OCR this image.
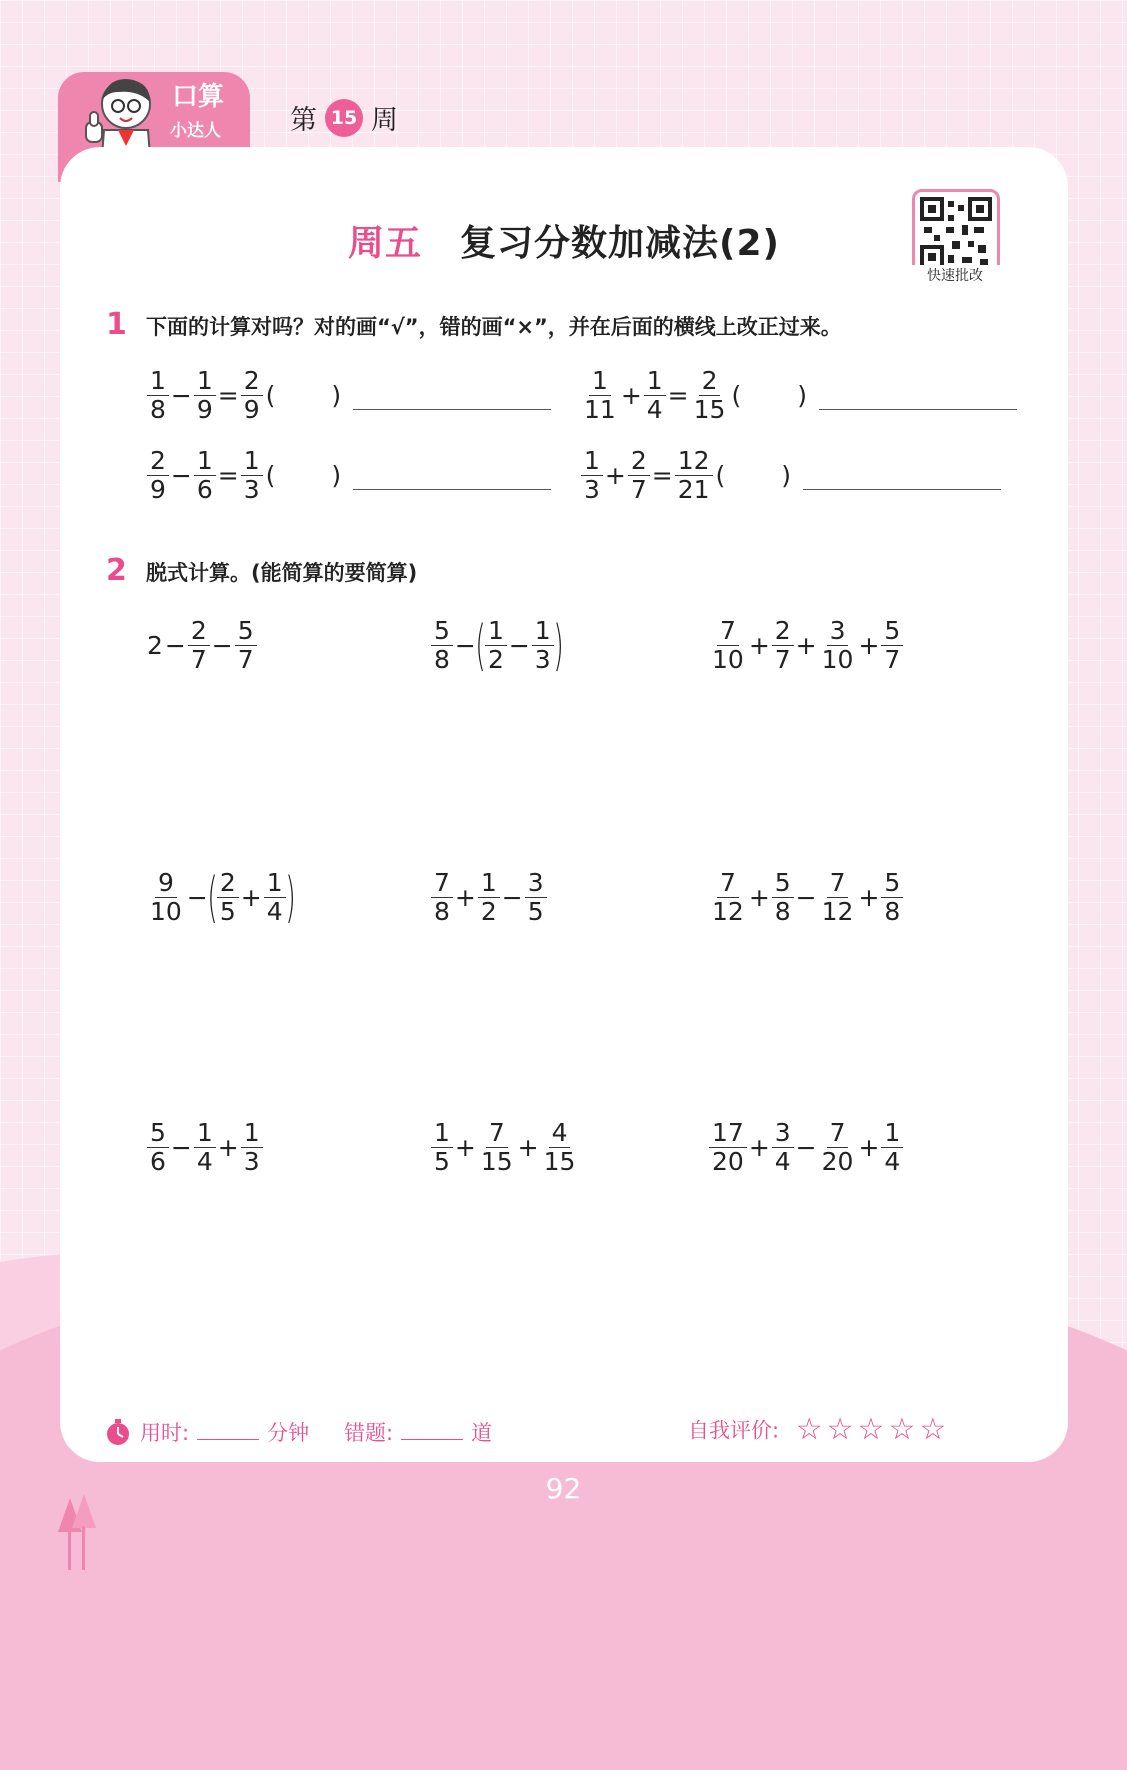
口算
小达人	第 15 周
周五 复习分数加减法(2)
快速批改
1 下面的计算对吗？对的画“√”，错的画“×”，并在后面的横线上改正过来。
$\frac{1}{8} - \frac{1}{9} = \frac{2}{9}$ ( )	$\frac{1}{11} + \frac{1}{4} = \frac{2}{15}$ ( )
$\frac{2}{9} - \frac{1}{6} = \frac{1}{3}$ ( )	$\frac{1}{3} + \frac{2}{7} = \frac{12}{21}$ ( )
2 脱式计算。(能简算的要简算)
$2 - \frac{2}{7} - \frac{5}{7}$	$\frac{5}{8}$ − ( $\frac{1}{2} - \frac{1}{3}$ )	$\frac{7}{10} + \frac{2}{7} + \frac{3}{10} + \frac{5}{7}$
$\frac{9}{10}$ − ( $\frac{2}{5} + \frac{1}{4}$ )	$\frac{7}{8} + \frac{1}{2} - \frac{3}{5}$	$\frac{7}{12} + \frac{5}{8} - \frac{7}{12} + \frac{5}{8}$
$\frac{5}{6} - \frac{1}{4} + \frac{1}{3}$	$\frac{1}{5} + \frac{7}{15} + \frac{4}{15}$	$\frac{17}{20} + \frac{3}{4} - \frac{7}{20} + \frac{1}{4}$
用时:	分钟 错题:	道	自我评价: ☆☆☆☆☆
92
